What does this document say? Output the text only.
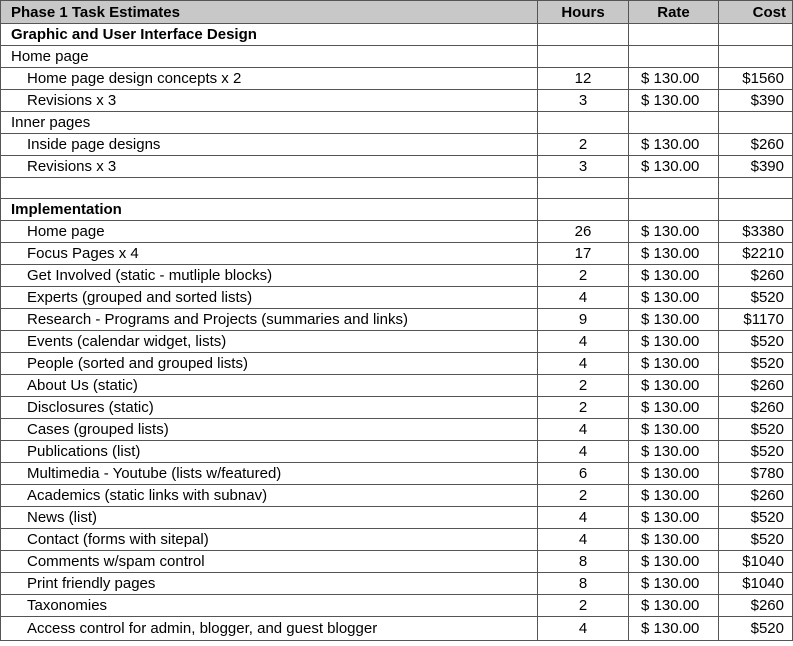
Phase 1 Task Estimates	Hours	Rate	Cost
Graphic and User Interface Design			
Home page			
Home page design concepts x 2	12	$ 130.00	$1560
Revisions x 3	3	$ 130.00	$390
Inner pages			
Inside page designs	2	$ 130.00	$260
Revisions x 3	3	$ 130.00	$390

Implementation			
Home page	26	$ 130.00	$3380
Focus Pages x 4	17	$ 130.00	$2210
Get Involved (static - mutliple blocks)	2	$ 130.00	$260
Experts (grouped and sorted lists)	4	$ 130.00	$520
Research - Programs and Projects (summaries and links)	9	$ 130.00	$1170
Events (calendar widget, lists)	4	$ 130.00	$520
People (sorted and grouped lists)	4	$ 130.00	$520
About Us (static)	2	$ 130.00	$260
Disclosures (static)	2	$ 130.00	$260
Cases (grouped lists)	4	$ 130.00	$520
Publications (list)	4	$ 130.00	$520
Multimedia - Youtube (lists w/featured)	6	$ 130.00	$780
Academics (static links with subnav)	2	$ 130.00	$260
News (list)	4	$ 130.00	$520
Contact (forms with sitepal)	4	$ 130.00	$520
Comments w/spam control	8	$ 130.00	$1040
Print friendly pages	8	$ 130.00	$1040
Taxonomies	2	$ 130.00	$260
Access control for admin, blogger, and guest blogger	4	$ 130.00	$520
